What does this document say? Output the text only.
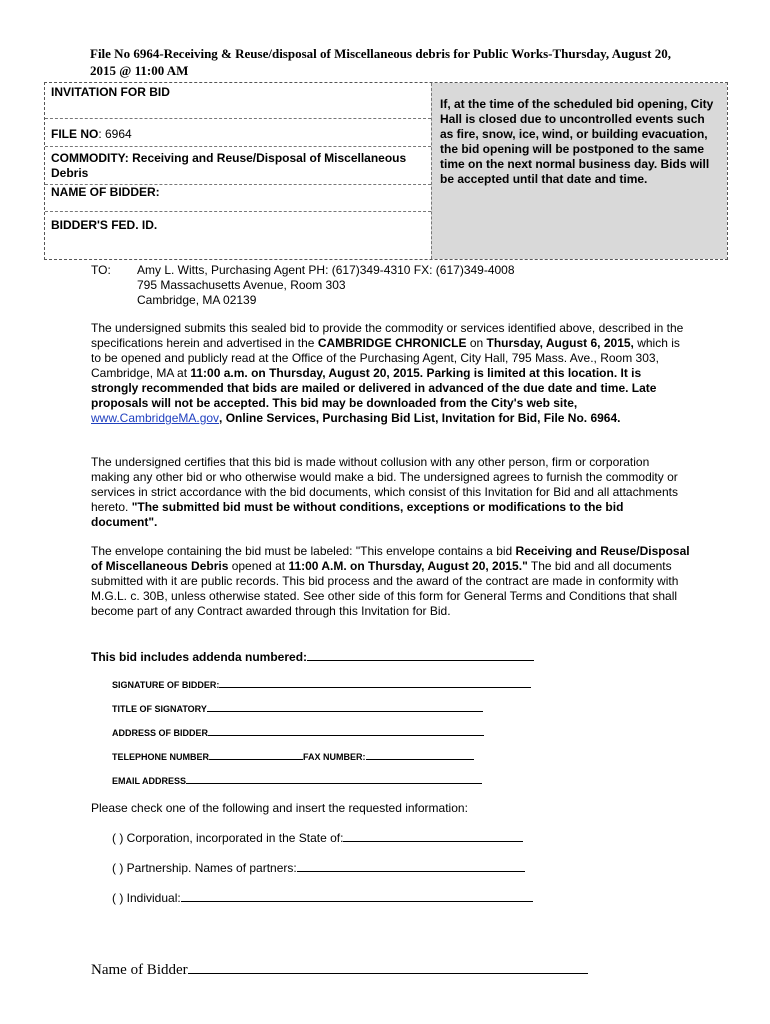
File No 6964-Receiving & Reuse/disposal of Miscellaneous debris for Public Works-Thursday, August 20, 2015 @ 11:00 AM
INVITATION FOR BID
FILE NO: 6964
COMMODITY: Receiving and Reuse/Disposal of Miscellaneous Debris
NAME OF BIDDER:
BIDDER'S FED. ID.
If, at the time of the scheduled bid opening, City Hall is closed due to uncontrolled events such as fire, snow, ice, wind, or building evacuation, the bid opening will be postponed to the same time on the next normal business day. Bids will be accepted until that date and time.
TO: Amy L. Witts, Purchasing Agent PH: (617)349-4310 FX: (617)349-4008
795 Massachusetts Avenue, Room 303
Cambridge, MA 02139

The undersigned submits this sealed bid to provide the commodity or services identified above, described in the specifications herein and advertised in the CAMBRIDGE CHRONICLE on Thursday, August 6, 2015, which is to be opened and publicly read at the Office of the Purchasing Agent, City Hall, 795 Mass. Ave., Room 303, Cambridge, MA at 11:00 a.m. on Thursday, August 20, 2015. Parking is limited at this location. It is strongly recommended that bids are mailed or delivered in advanced of the due date and time. Late proposals will not be accepted. This bid may be downloaded from the City's web site, www.CambridgeMA.gov, Online Services, Purchasing Bid List, Invitation for Bid, File No. 6964.

The undersigned certifies that this bid is made without collusion with any other person, firm or corporation making any other bid or who otherwise would make a bid. The undersigned agrees to furnish the commodity or services in strict accordance with the bid documents, which consist of this Invitation for Bid and all attachments hereto. "The submitted bid must be without conditions, exceptions or modifications to the bid document".

The envelope containing the bid must be labeled: "This envelope contains a bid Receiving and Reuse/Disposal of Miscellaneous Debris opened at 11:00 A.M. on Thursday, August 20, 2015." The bid and all documents submitted with it are public records. This bid process and the award of the contract are made in conformity with M.G.L. c. 30B, unless otherwise stated. See other side of this form for General Terms and Conditions that shall become part of any Contract awarded through this Invitation for Bid.

This bid includes addenda numbered:
SIGNATURE OF BIDDER:
TITLE OF SIGNATORY
ADDRESS OF BIDDER
TELEPHONE NUMBER	FAX NUMBER:
EMAIL ADDRESS
Please check one of the following and insert the requested information:
( ) Corporation, incorporated in the State of:
( ) Partnership. Names of partners:
( ) Individual:
Name of Bidder
